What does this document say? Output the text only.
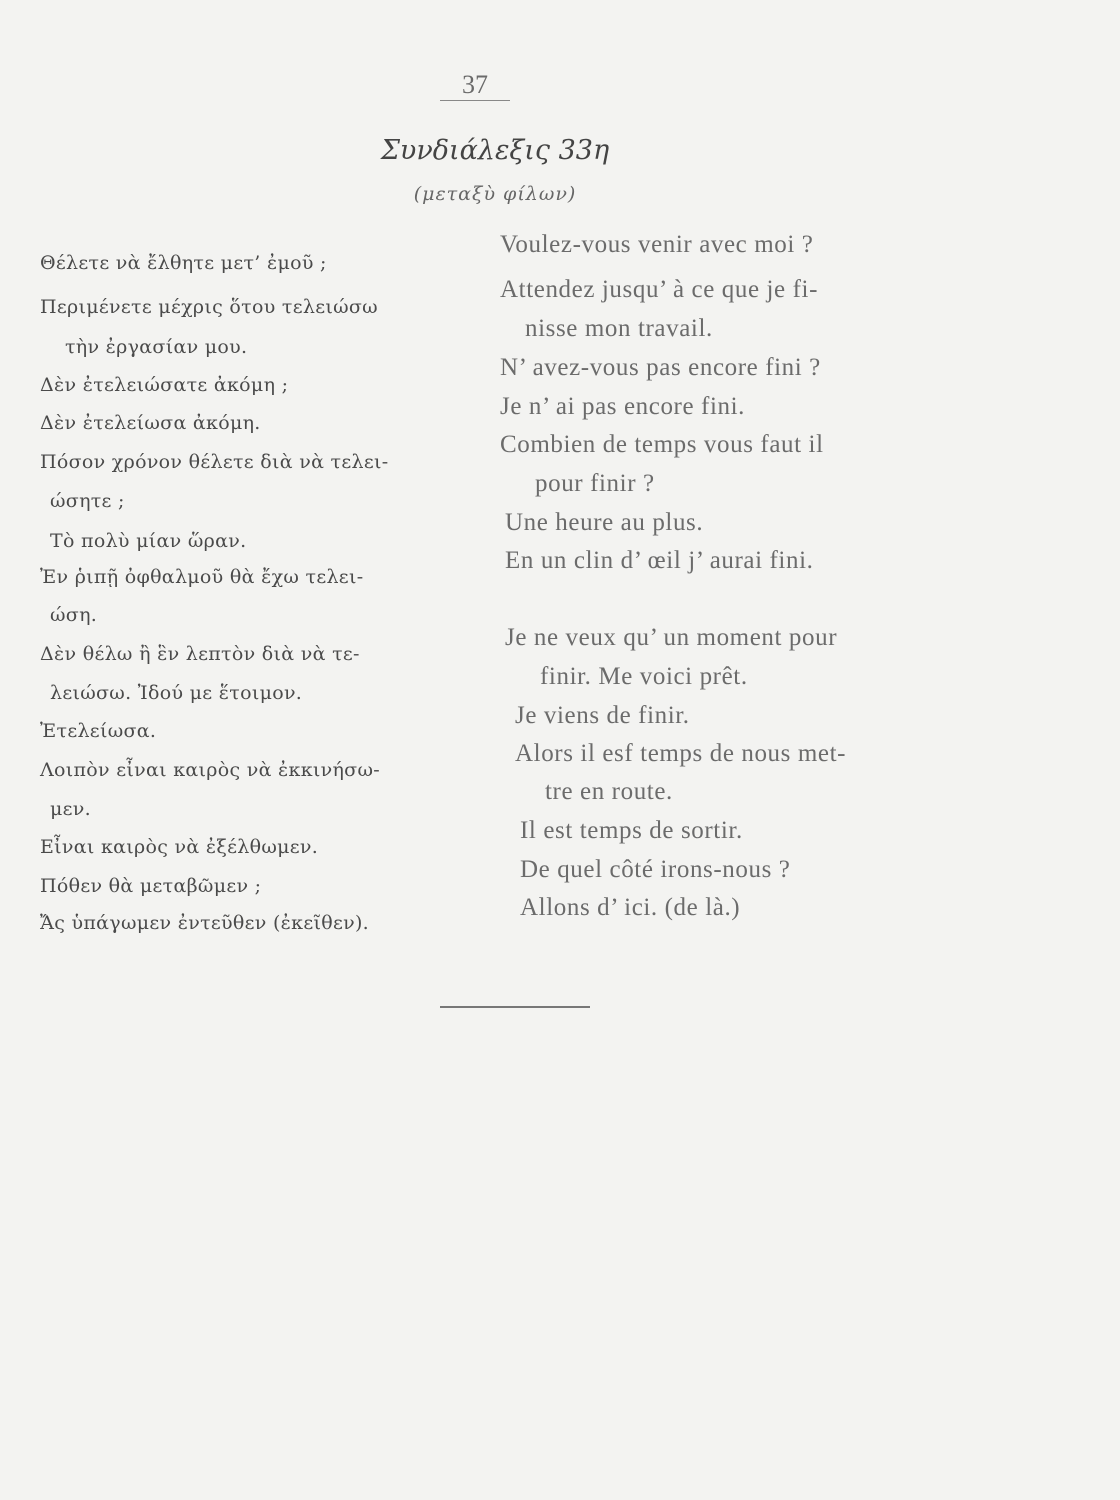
37
Συνδιάλεξις 33η
(μεταξὺ φίλων)
Θέλετε νὰ ἔλθητε μετ’ ἐμοῦ ;
Περιμένετε μέχρις ὅτου τελειώσω
τὴν ἐργασίαν μου.
Δὲν ἐτελειώσατε ἀκόμη ;
Δὲν ἐτελείωσα ἀκόμη.
Πόσον χρόνον θέλετε διὰ νὰ τελει-
ώσητε ;
Τὸ πολὺ μίαν ὥραν.
Ἐν ῥιπῇ ὀφθαλμοῦ θὰ ἔχω τελει-
ώση.
Δὲν θέλω ἢ ἓν λεπτὸν διὰ νὰ τε-
λειώσω. Ἰδού με ἕτοιμον.
Ἐτελείωσα.
Λοιπὸν εἶναι καιρὸς νὰ ἐκκινήσω-
μεν.
Εἶναι καιρὸς νὰ ἐξέλθωμεν.
Πόθεν θὰ μεταβῶμεν ;
Ἄς ὑπάγωμεν ἐντεῦθεν (ἐκεῖθεν).
Voulez-vous venir avec moi ?
Attendez jusqu’ à ce que je fi-
nisse mon travail.
N’ avez-vous pas encore fini ?
Je n’ ai pas encore fini.
Combien de temps vous faut il
pour finir ?
Une heure au plus.
En un clin d’ œil j’ aurai fini.
Je ne veux qu’ un moment pour
finir. Me voici prêt.
Je viens de finir.
Alors il esf temps de nous met-
tre en route.
Il est temps de sortir.
De quel côté irons-nous ?
Allons d’ ici. (de là.)
